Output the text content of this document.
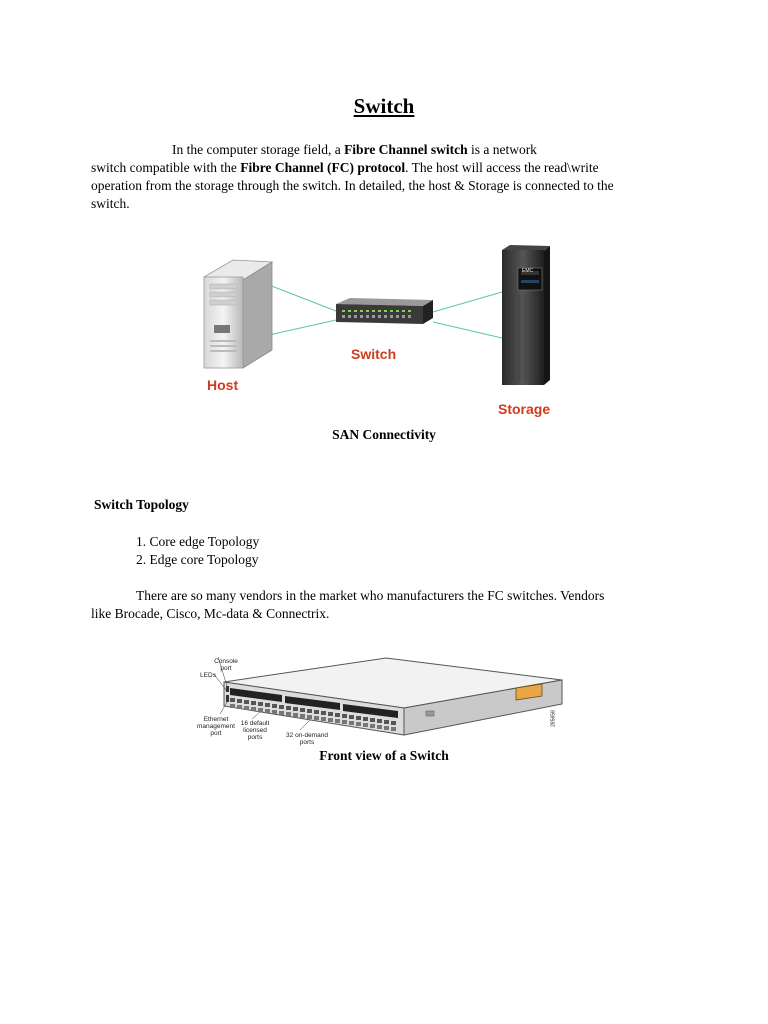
Switch
In the computer storage field, a Fibre Channel switch is a network
switch compatible with the Fibre Channel (FC) protocol. The host will access the read\write
operation from the storage through the switch. In detailed, the host & Storage is connected to the
switch.
EMC
Host
Switch
Storage
SAN Connectivity
Switch Topology
1. Core edge Topology
2. Edge core Topology
There are so many vendors in the market who manufacturers the FC switches. Vendors
like Brocade, Cisco, Mc-data & Connectrix.
Console port
LEDs
Ethernet management port
16 default licensed ports	32 on-demand ports
285658
Front view of a Switch
